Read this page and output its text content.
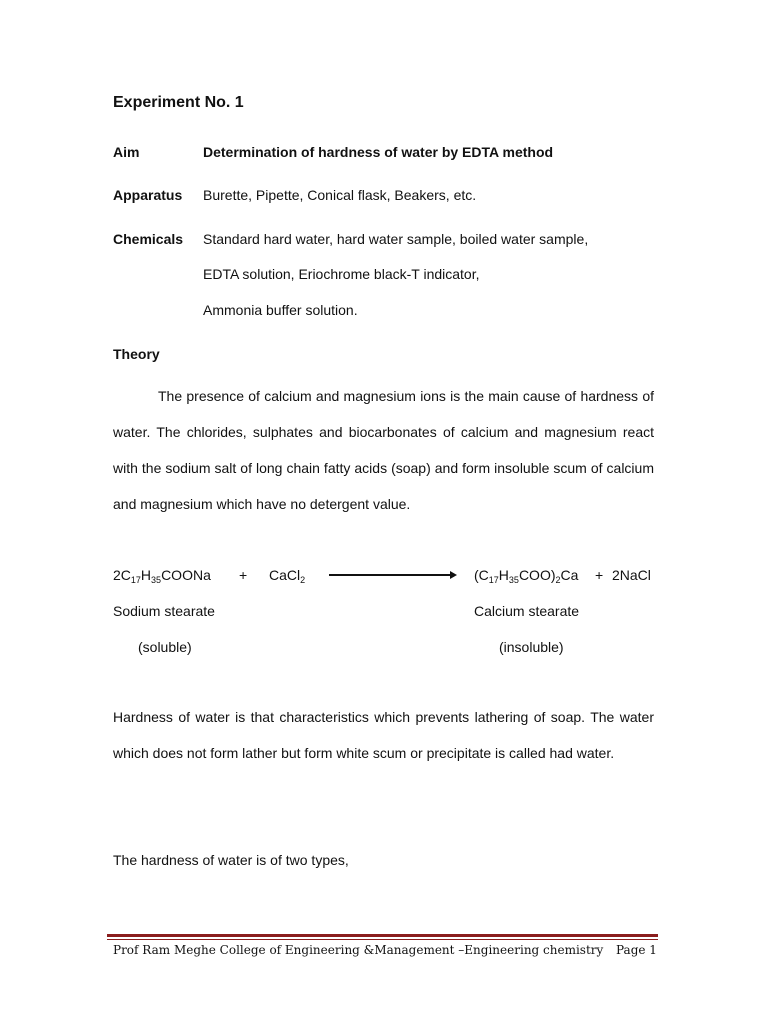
Experiment No. 1
Aim	Determination of hardness of water by EDTA method
Apparatus Burette, Pipette, Conical flask, Beakers, etc.
Chemicals Standard hard water, hard water sample, boiled water sample,
EDTA solution, Eriochrome black-T indicator,
Ammonia buffer solution.
Theory
The presence of calcium and magnesium ions is the main cause of hardness of water. The chlorides, sulphates and biocarbonates of calcium and magnesium react with the sodium salt of long chain fatty acids (soap) and form insoluble scum of calcium and magnesium which have no detergent value.
$2C_{17}H_{35}COONa$ + CaCl$_2$	$(C_{17}H_{35}COO)_2Ca$ + 2NaCl
Sodium stearate	Calcium stearate
(soluble)	(insoluble)
Hardness of water is that characteristics which prevents lathering of soap. The water which does not form lather but form white scum or precipitate is called had water.
The hardness of water is of two types,
Prof Ram Meghe College of Engineering &Management –Engineering chemistry Page 1
